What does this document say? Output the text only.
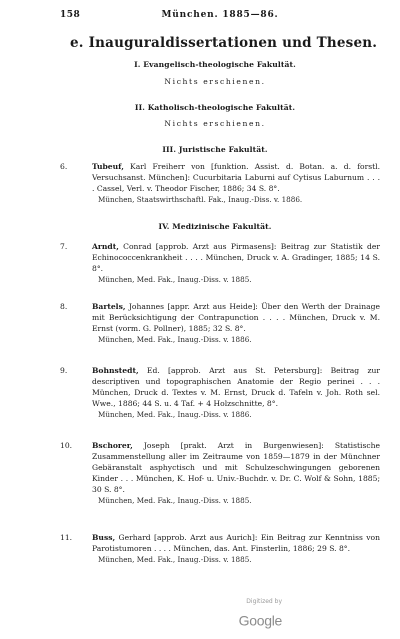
158	München. 1885—86.
e. Inauguraldissertationen und Thesen.
I. Evangelisch-theologische Fakultät.
Nichts erschienen.
II. Katholisch-theologische Fakultät.
Nichts erschienen.
III. Juristische Fakultät.
6.	Tubeuf, Karl Freiherr von [funktion. Assist. d. Botan. a. d. forstl. Versuchsanst. München]: Cucurbitaria Laburni auf Cytisus Laburnum . . . . Cassel, Verl. v. Theodor Fischer, 1886; 34 S. 8°.
München, Staatswirthschaftl. Fak., Inaug.-Diss. v. 1886.
IV. Medizinische Fakultät.
7.	Arndt, Conrad [approb. Arzt aus Pirmasens]: Beitrag zur Statistik der Echinococcenkrankheit . . . . München, Druck v. A. Gradinger, 1885; 14 S. 8°.
München, Med. Fak., Inaug.-Diss. v. 1885.
8.	Bartels, Johannes [appr. Arzt aus Heide]: Über den Werth der Drainage mit Berücksichtigung der Contrapunction . . . . München, Druck v. M. Ernst (vorm. G. Pollner), 1885; 32 S. 8°.
München, Med. Fak., Inaug.-Diss. v. 1886.
9.	Bohnstedt, Ed. [approb. Arzt aus St. Petersburg]: Beitrag zur descriptiven und topographischen Anatomie der Regio perinei . . . München, Druck d. Textes v. M. Ernst, Druck d. Tafeln v. Joh. Roth sel. Wwe., 1886; 44 S. u. 4 Taf. + 4 Holzschnitte, 8°.
München, Med. Fak., Inaug.-Diss. v. 1886.
10.	Bschorer, Joseph [prakt. Arzt in Burgenwiesen]: Statistische Zusammenstellung aller im Zeitraume von 1859—1879 in der Münchner Gebäranstalt asphyctisch und mit Schulzeschwingungen geborenen Kinder . . . München, K. Hof- u. Univ.-Buchdr. v. Dr. C. Wolf & Sohn, 1885; 30 S. 8°.
München, Med. Fak., Inaug.-Diss. v. 1885.
11.	Buss, Gerhard [approb. Arzt aus Aurich]: Ein Beitrag zur Kenntniss von Parotistumoren . . . . München, das. Ant. Finsterlin, 1886; 29 S. 8°.
München, Med. Fak., Inaug.-Diss. v. 1885.
Digitized by Google
